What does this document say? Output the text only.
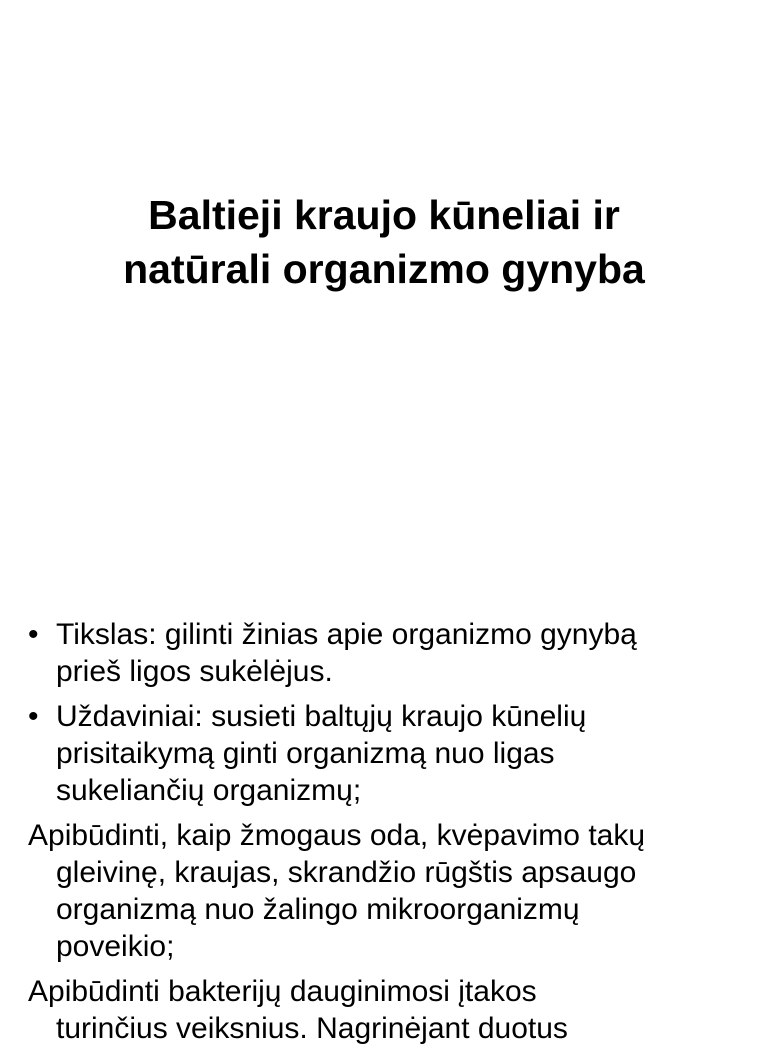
Baltieji kraujo kūneliai ir
natūrali organizmo gynyba
• Tikslas: gilinti žinias apie organizmo gynybą
prieš ligos sukėlėjus.
• Uždaviniai: susieti baltųjų kraujo kūnelių
prisitaikymą ginti organizmą nuo ligas
sukeliančių organizmų;
Apibūdinti, kaip žmogaus oda, kvėpavimo takų
gleivinę, kraujas, skrandžio rūgštis apsaugo
organizmą nuo žalingo mikroorganizmų
poveikio;
Apibūdinti bakterijų dauginimosi įtakos
turinčius veiksnius. Nagrinėjant duotus
